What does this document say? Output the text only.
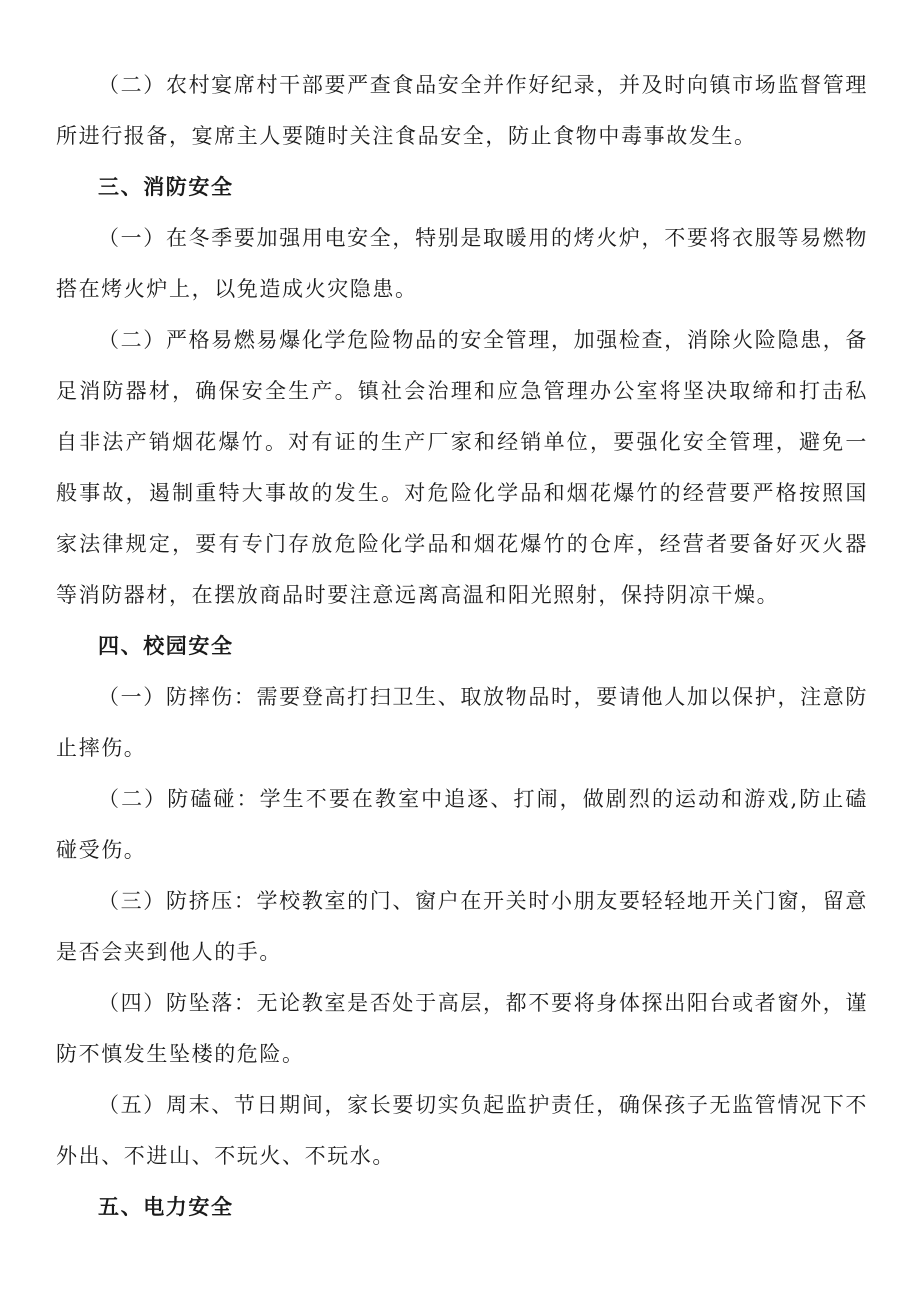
（二）农村宴席村干部要严查食品安全并作好纪录，并及时向镇市场监督管理所进行报备，宴席主人要随时关注食品安全，防止食物中毒事故发生。

三、消防安全

（一）在冬季要加强用电安全，特别是取暖用的烤火炉，不要将衣服等易燃物搭在烤火炉上，以免造成火灾隐患。

（二）严格易燃易爆化学危险物品的安全管理，加强检查，消除火险隐患，备足消防器材，确保安全生产。镇社会治理和应急管理办公室将坚决取缔和打击私自非法产销烟花爆竹。对有证的生产厂家和经销单位，要强化安全管理，避免一般事故，遏制重特大事故的发生。对危险化学品和烟花爆竹的经营要严格按照国家法律规定，要有专门存放危险化学品和烟花爆竹的仓库，经营者要备好灭火器等消防器材，在摆放商品时要注意远离高温和阳光照射，保持阴凉干燥。

四、校园安全

（一）防摔伤：需要登高打扫卫生、取放物品时，要请他人加以保护，注意防止摔伤。

（二）防磕碰：学生不要在教室中追逐、打闹，做剧烈的运动和游戏,防止磕碰受伤。

（三）防挤压：学校教室的门、窗户在开关时小朋友要轻轻地开关门窗，留意是否会夹到他人的手。

（四）防坠落：无论教室是否处于高层，都不要将身体探出阳台或者窗外，谨防不慎发生坠楼的危险。

（五）周末、节日期间，家长要切实负起监护责任，确保孩子无监管情况下不外出、不进山、不玩火、不玩水。

五、电力安全
